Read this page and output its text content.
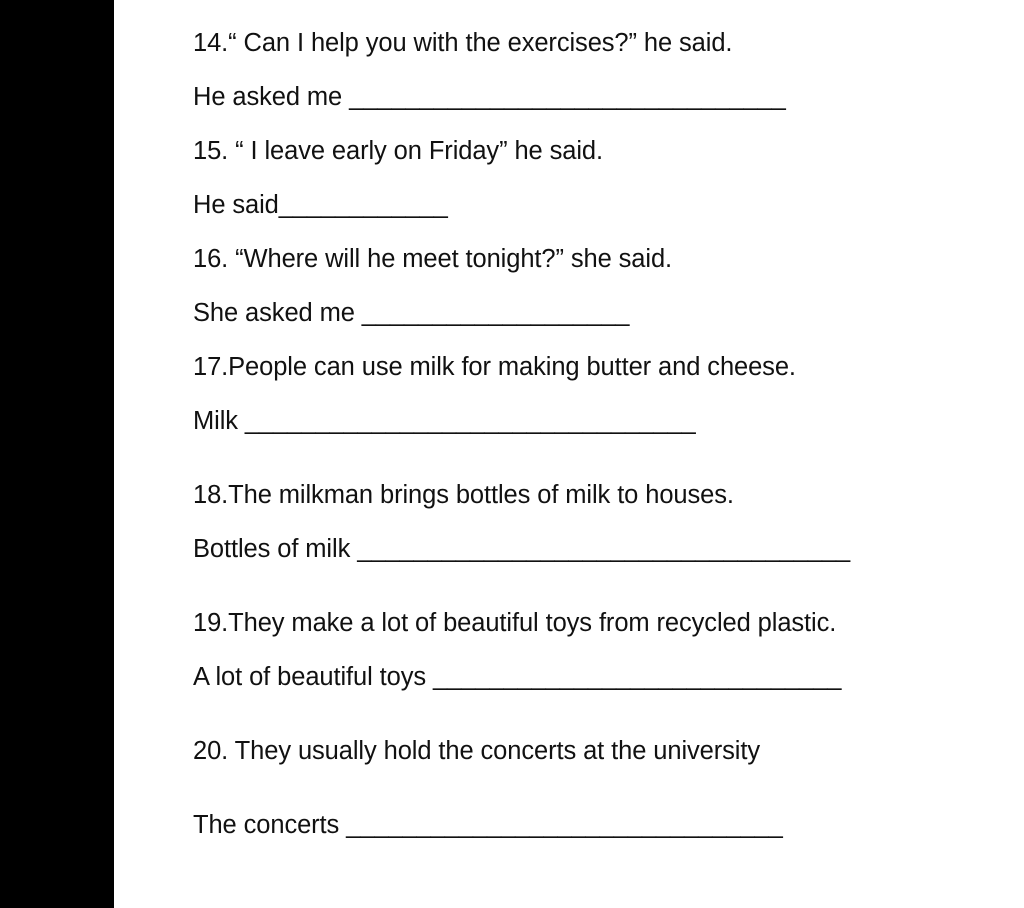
14.“ Can I help you with the exercises?” he said.
He asked me _______________________________
15. “ I leave early on Friday” he said.
He said____________
16. “Where will he meet tonight?” she said.
She asked me ___________________
17.People can use milk for making butter and cheese.
Milk ________________________________
18.The milkman brings bottles of milk to houses.
Bottles of milk ___________________________________
19.They make a lot of beautiful toys from recycled plastic.
A lot of beautiful toys _____________________________
20. They usually hold the concerts at the university
The concerts _______________________________
